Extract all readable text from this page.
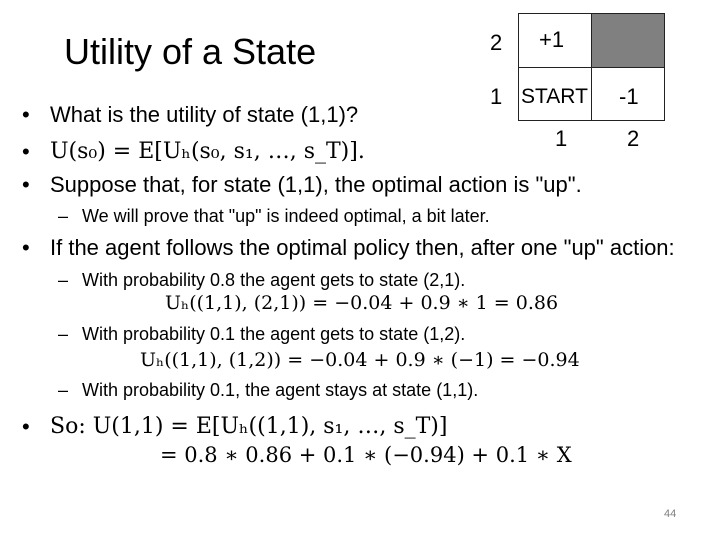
Utility of a State	2
1
+1
START -1
1	2
• What is the utility of state (1,1)?
• U(s₀) = E[Uₕ(s₀, s₁, …, s_T)].
• Suppose that, for state (1,1), the optimal action is "up".
– We will prove that "up" is indeed optimal, a bit later.
• If the agent follows the optimal policy then, after one "up" action:
– With probability 0.8 the agent gets to state (2,1).
Uₕ((1,1), (2,1)) = −0.04 + 0.9 ∗ 1 = 0.86
– With probability 0.1 the agent gets to state (1,2).
Uₕ((1,1), (1,2)) = −0.04 + 0.9 ∗ (−1) = −0.94
– With probability 0.1, the agent stays at state (1,1).
• So: U(1,1) = E[Uₕ((1,1), s₁, …, s_T)]
= 0.8 ∗ 0.86 + 0.1 ∗ (−0.94) + 0.1 ∗ X
44
